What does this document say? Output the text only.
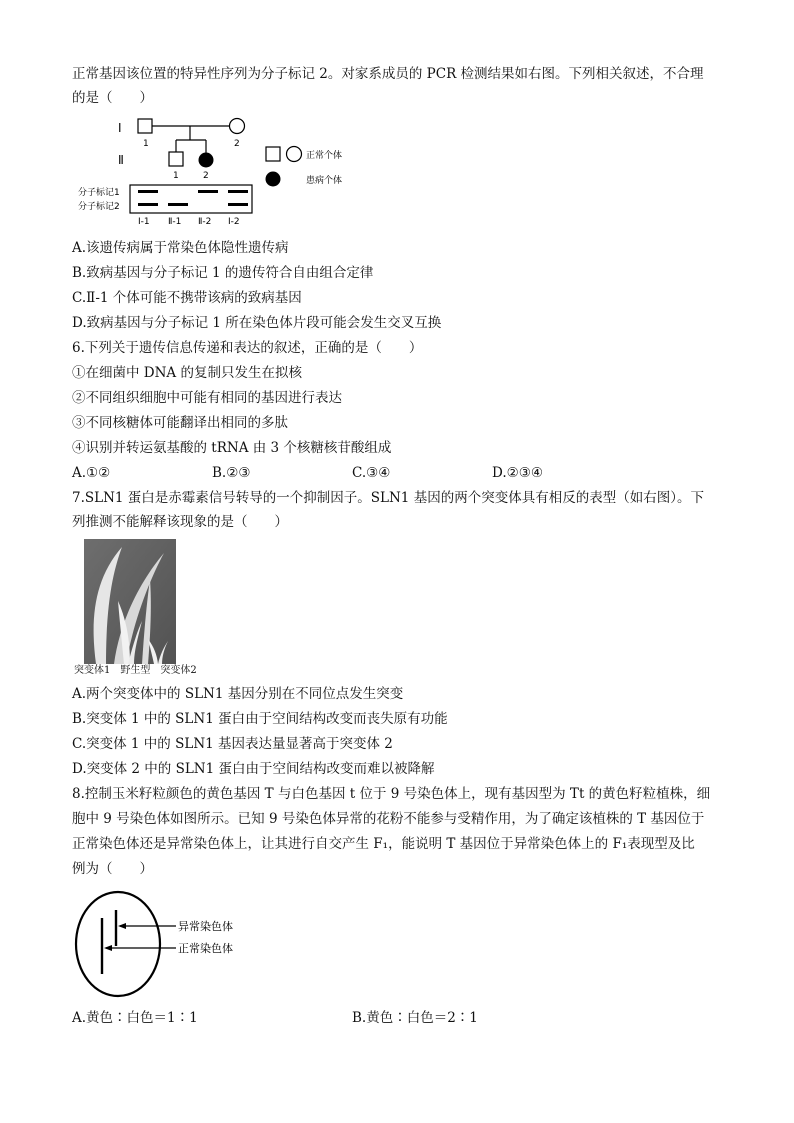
正常基因该位置的特异性序列为分子标记 2。对家系成员的 PCR 检测结果如右图。下列相关叙述，不合理
的是（　　）
Ⅰ
Ⅱ
1	2
1	2
正常个体
患病个体
分子标记1
分子标记2
Ⅰ-1 Ⅱ-1 Ⅱ-2 Ⅰ-2
A.该遗传病属于常染色体隐性遗传病
B.致病基因与分子标记 1 的遗传符合自由组合定律
C.Ⅱ-1 个体可能不携带该病的致病基因
D.致病基因与分子标记 1 所在染色体片段可能会发生交叉互换
6.下列关于遗传信息传递和表达的叙述，正确的是（　　）
①在细菌中 DNA 的复制只发生在拟核
②不同组织细胞中可能有相同的基因进行表达
③不同核糖体可能翻译出相同的多肽
④识别并转运氨基酸的 tRNA 由 3 个核糖核苷酸组成
A.①②	B.②③	C.③④	D.②③④
7.SLN1 蛋白是赤霉素信号转导的一个抑制因子。SLN1 基因的两个突变体具有相反的表型（如右图）。下
列推测不能解释该现象的是（　　）
突变体1　野生型　突变体2
A.两个突变体中的 SLN1 基因分别在不同位点发生突变
B.突变体 1 中的 SLN1 蛋白由于空间结构改变而丧失原有功能
C.突变体 1 中的 SLN1 基因表达量显著高于突变体 2
D.突变体 2 中的 SLN1 蛋白由于空间结构改变而难以被降解
8.控制玉米籽粒颜色的黄色基因 T 与白色基因 t 位于 9 号染色体上，现有基因型为 Tt 的黄色籽粒植株，细
胞中 9 号染色体如图所示。已知 9 号染色体异常的花粉不能参与受精作用，为了确定该植株的 T 基因位于
正常染色体还是异常染色体上，让其进行自交产生 F₁，能说明 T 基因位于异常染色体上的 F₁表现型及比
例为（　　）
异常染色体
正常染色体
A.黄色∶白色＝1∶1	B.黄色∶白色＝2∶1
